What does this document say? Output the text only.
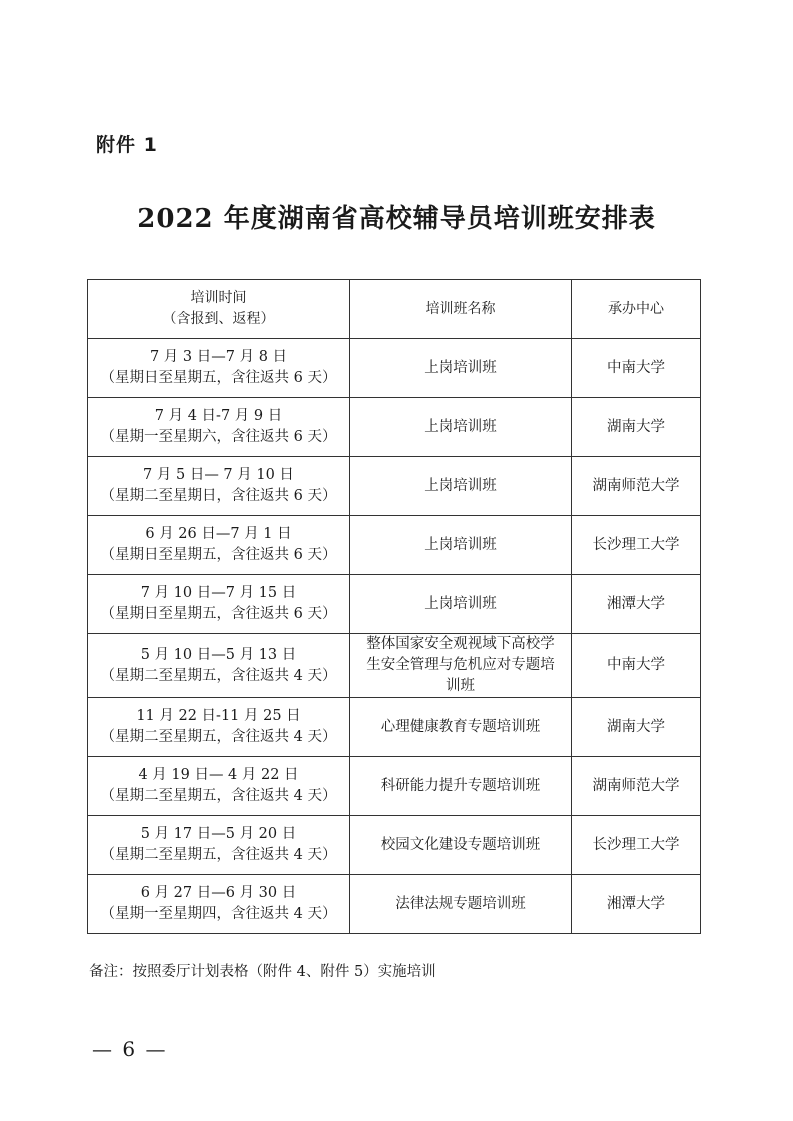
附件 1
2022 年度湖南省高校辅导员培训班安排表
培训时间
（含报到、返程）	培训班名称	承办中心

7 月 3 日—7 月 8 日
（星期日至星期五，含往返共 6 天）	上岗培训班	中南大学

7 月 4 日-7 月 9 日
（星期一至星期六，含往返共 6 天）	上岗培训班	湖南大学

7 月 5 日— 7 月 10 日
（星期二至星期日，含往返共 6 天）	上岗培训班	湖南师范大学

6 月 26 日—7 月 1 日
（星期日至星期五，含往返共 6 天）	上岗培训班	长沙理工大学

7 月 10 日—7 月 15 日
（星期日至星期五，含往返共 6 天）	上岗培训班	湘潭大学

5 月 10 日—5 月 13 日
（星期二至星期五，含往返共 4 天）	整体国家安全观视域下高校学生安全管理与危机应对专题培训班	中南大学

11 月 22 日-11 月 25 日
（星期二至星期五，含往返共 4 天）	心理健康教育专题培训班	湖南大学

4 月 19 日— 4 月 22 日
（星期二至星期五，含往返共 4 天）	科研能力提升专题培训班	湖南师范大学

5 月 17 日—5 月 20 日
（星期二至星期五，含往返共 4 天）	校园文化建设专题培训班	长沙理工大学

6 月 27 日—6 月 30 日
（星期一至星期四，含往返共 4 天）	法律法规专题培训班	湘潭大学
备注：按照委厅计划表格（附件 4、附件 5）实施培训
— 6 —
